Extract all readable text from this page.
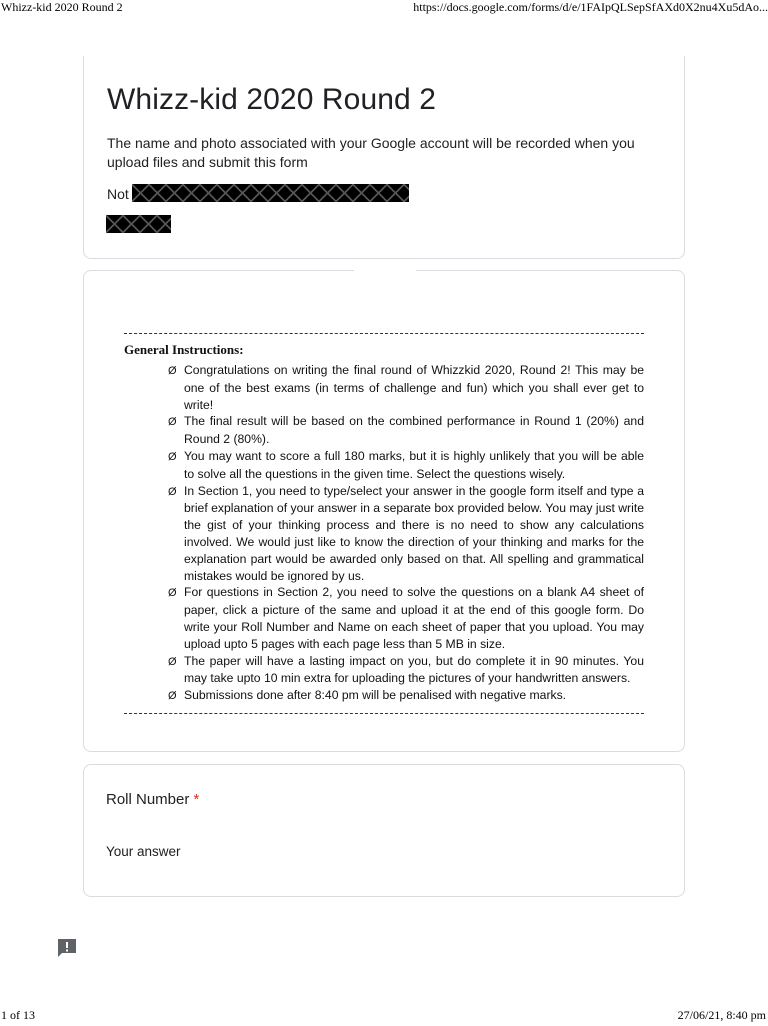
Whizz-kid 2020 Round 2	https://docs.google.com/forms/d/e/1FAIpQLSepSfAXd0X2nu4Xu5dAo...
Whizz-kid 2020 Round 2
The name and photo associated with your Google account will be recorded when you upload files and submit this form
Not
General Instructions:
Ø Congratulations on writing the final round of Whizzkid 2020, Round 2! This may be one of the best exams (in terms of challenge and fun) which you shall ever get to write!
Ø The final result will be based on the combined performance in Round 1 (20%) and Round 2 (80%).
Ø You may want to score a full 180 marks, but it is highly unlikely that you will be able to solve all the questions in the given time. Select the questions wisely.
Ø In Section 1, you need to type/select your answer in the google form itself and type a brief explanation of your answer in a separate box provided below. You may just write the gist of your thinking process and there is no need to show any calculations involved. We would just like to know the direction of your thinking and marks for the explanation part would be awarded only based on that. All spelling and grammatical mistakes would be ignored by us.
Ø For questions in Section 2, you need to solve the questions on a blank A4 sheet of paper, click a picture of the same and upload it at the end of this google form. Do write your Roll Number and Name on each sheet of paper that you upload. You may upload upto 5 pages with each page less than 5 MB in size.
Ø The paper will have a lasting impact on you, but do complete it in 90 minutes. You may take upto 10 min extra for uploading the pictures of your handwritten answers.
Ø Submissions done after 8:40 pm will be penalised with negative marks.
Roll Number *
Your answer
1 of 13	27/06/21, 8:40 pm
